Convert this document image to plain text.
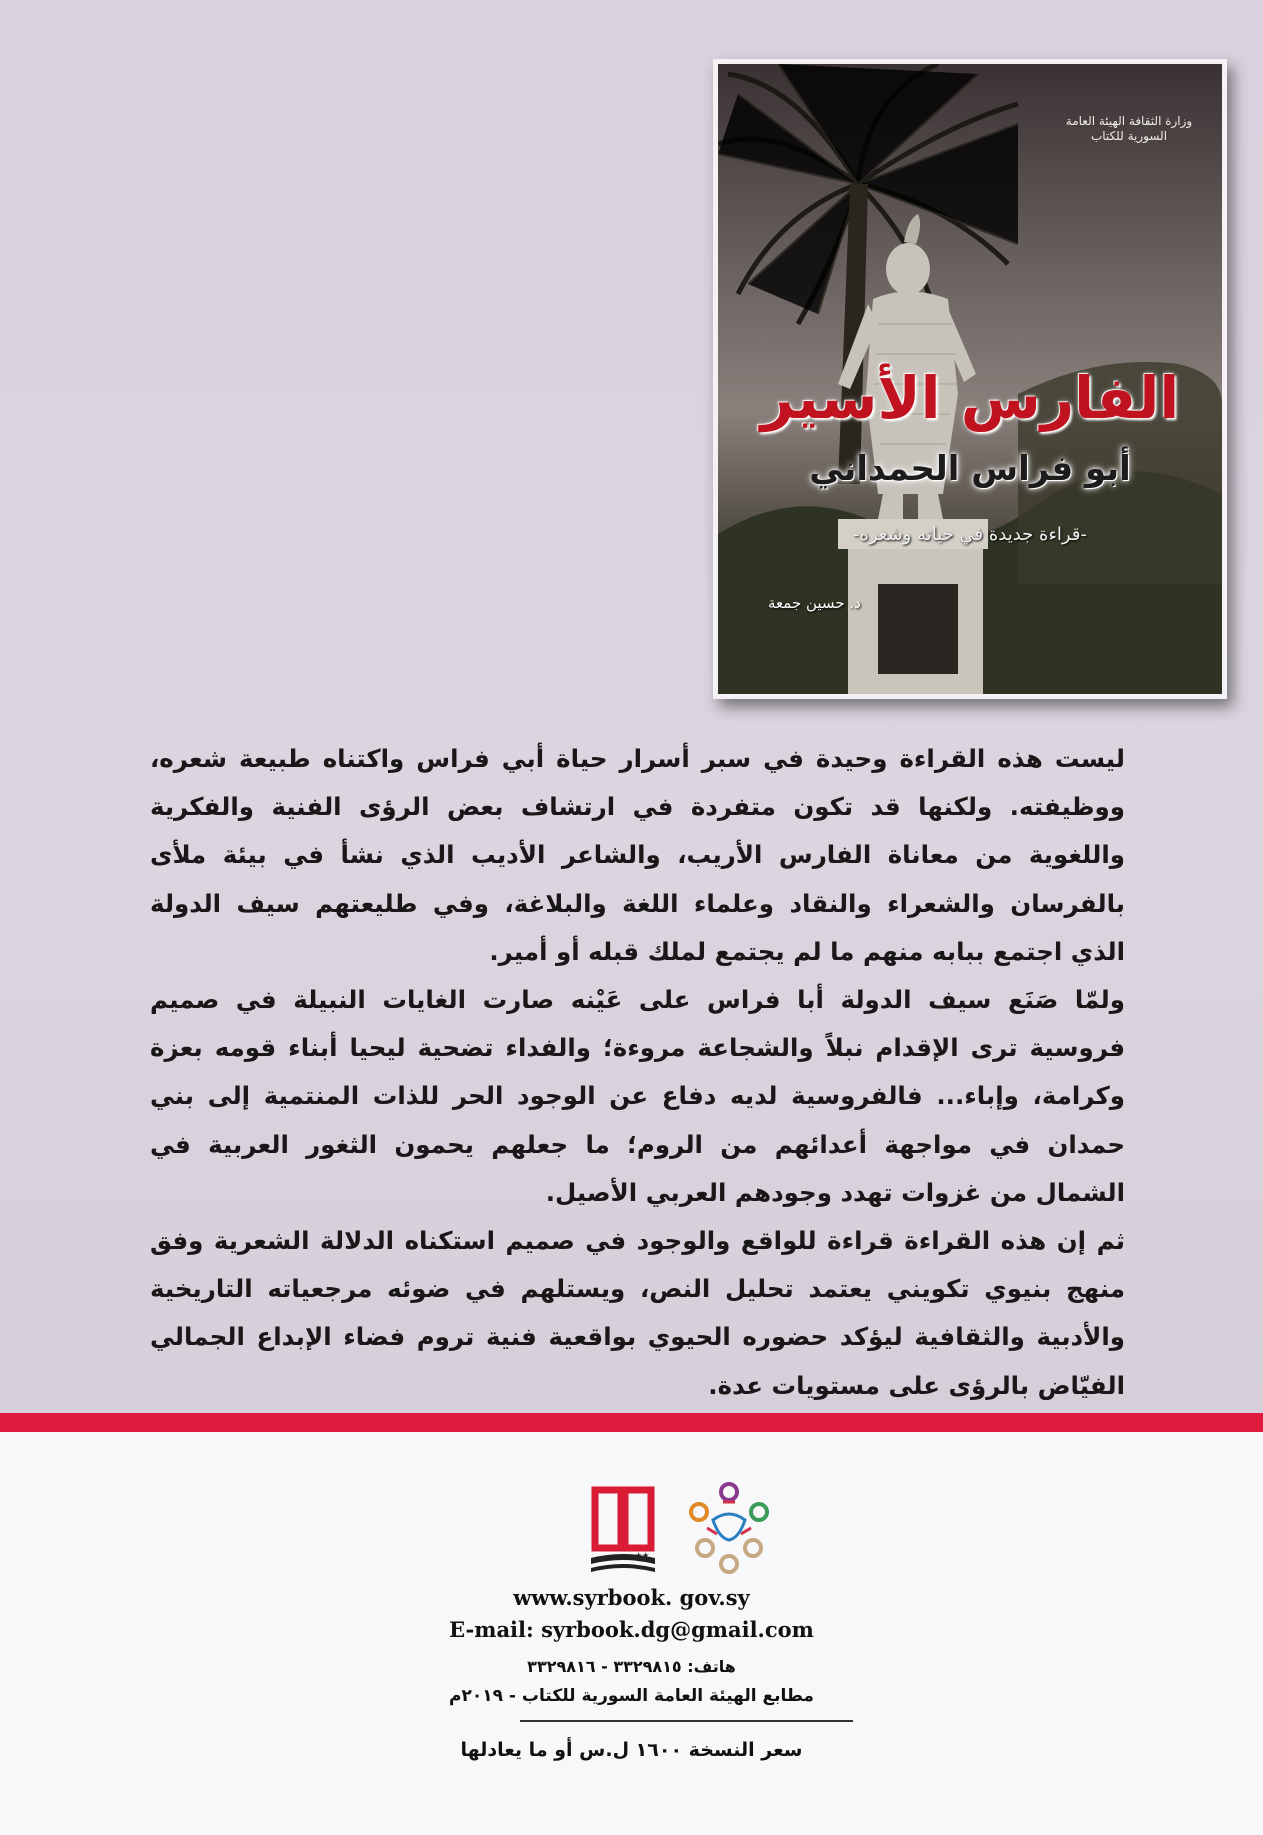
وزارة الثقافة الهيئة العامة السورية للكتاب
الفارس الأسير
أبو فراس الحمداني
-قراءة جديدة في حياته وشعره-
د. حسين جمعة

ليست هذه القراءة وحيدة في سبر أسرار حياة أبي فراس واكتناه طبيعة شعره، ووظيفته. ولكنها قد تكون متفردة في ارتشاف بعض الرؤى الفنية والفكرية واللغوية من معاناة الفارس الأريب، والشاعر الأديب الذي نشأ في بيئة ملأى بالفرسان والشعراء والنقاد وعلماء اللغة والبلاغة، وفي طليعتهم سيف الدولة الذي اجتمع ببابه منهم ما لم يجتمع لملك قبله أو أمير.

ولمّا صَنَع سيف الدولة أبا فراس على عَيْنه صارت الغايات النبيلة في صميم فروسية ترى الإقدام نبلاً والشجاعة مروءة؛ والفداء تضحية ليحيا أبناء قومه بعزة وكرامة، وإباء... فالفروسية لديه دفاع عن الوجود الحر للذات المنتمية إلى بني حمدان في مواجهة أعدائهم من الروم؛ ما جعلهم يحمون الثغور العربية في الشمال من غزوات تهدد وجودهم العربي الأصيل.

ثم إن هذه القراءة قراءة للواقع والوجود في صميم استكناه الدلالة الشعرية وفق منهج بنيوي تكويني يعتمد تحليل النص، ويستلهم في ضوئه مرجعياته التاريخية والأدبية والثقافية ليؤكد حضوره الحيوي بواقعية فنية تروم فضاء الإبداع الجمالي الفيّاض بالرؤى على مستويات عدة.

★★
www.syrbook. gov.sy
E-mail: syrbook.dg@gmail.com
هاتف: ٣٣٢٩٨١٥ - ٣٣٢٩٨١٦
مطابع الهيئة العامة السورية للكتاب - ٢٠١٩م
سعر النسخة ١٦٠٠ ل.س أو ما يعادلها
